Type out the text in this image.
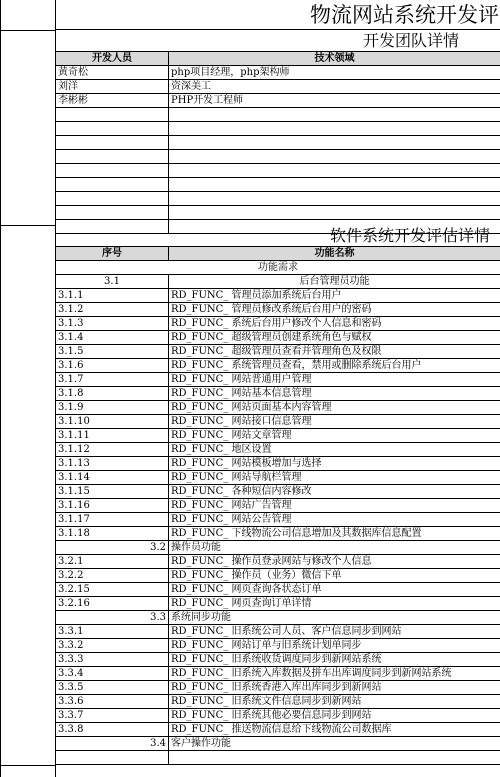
物流网站系统开发评
开发团队详情
开发人员	技术领域
黄奇松	php项目经理，php架构师
刘洋	资深美工
李彬彬	PHP开发工程师

软件系统开发评估详情
序号	功能名称
功能需求	
3.1	后台管理员功能
3.1.1	RD_FUNC_ 管理员添加系统后台用户
3.1.2	RD_FUNC_ 管理员修改系统后台用户的密码
3.1.3	RD_FUNC_ 系统后台用户修改个人信息和密码
3.1.4	RD_FUNC_ 超级管理员创建系统角色与赋权
3.1.5	RD_FUNC_ 超级管理员查看并管理角色及权限
3.1.6	RD_FUNC_ 系统管理员查看，禁用或删除系统后台用户
3.1.7	RD_FUNC_ 网站普通用户管理
3.1.8	RD_FUNC_ 网站基本信息管理
3.1.9	RD_FUNC_ 网站页面基本内容管理
3.1.10	RD_FUNC_ 网站接口信息管理
3.1.11	RD_FUNC_ 网站文章管理
3.1.12	RD_FUNC_ 地区设置
3.1.13	RD_FUNC_ 网站模板增加与选择
3.1.14	RD_FUNC_ 网站导航栏管理
3.1.15	RD_FUNC_ 各种短信内容修改
3.1.16	RD_FUNC_ 网站广告管理
3.1.17	RD_FUNC_ 网站公告管理
3.1.18	RD_FUNC_ 下线物流公司信息增加及其数据库信息配置
3.2	操作员功能
3.2.1	RD_FUNC_ 操作员登录网站与修改个人信息
3.2.2	RD_FUNC_ 操作员（业务）微信下单
3.2.15	RD_FUNC_ 网页查询各状态订单
3.2.16	RD_FUNC_ 网页查询订单详情
3.3	系统同步功能
3.3.1	RD_FUNC_ 旧系统公司人员、客户信息同步到网站
3.3.2	RD_FUNC_ 网站订单与旧系统计划单同步
3.3.3	RD_FUNC_ 旧系统收货调度同步到新网站系统
3.3.4	RD_FUNC_ 旧系统入库数据及拼车出库调度同步到新网站系统
3.3.5	RD_FUNC_ 旧系统香港入库出库同步到新网站
3.3.6	RD_FUNC_ 旧系统文件信息同步到新网站
3.3.7	RD_FUNC_ 旧系统其他必要信息同步到网站
3.3.8	RD_FUNC_ 推送物流信息给下线物流公司数据库
3.4	客户操作功能
